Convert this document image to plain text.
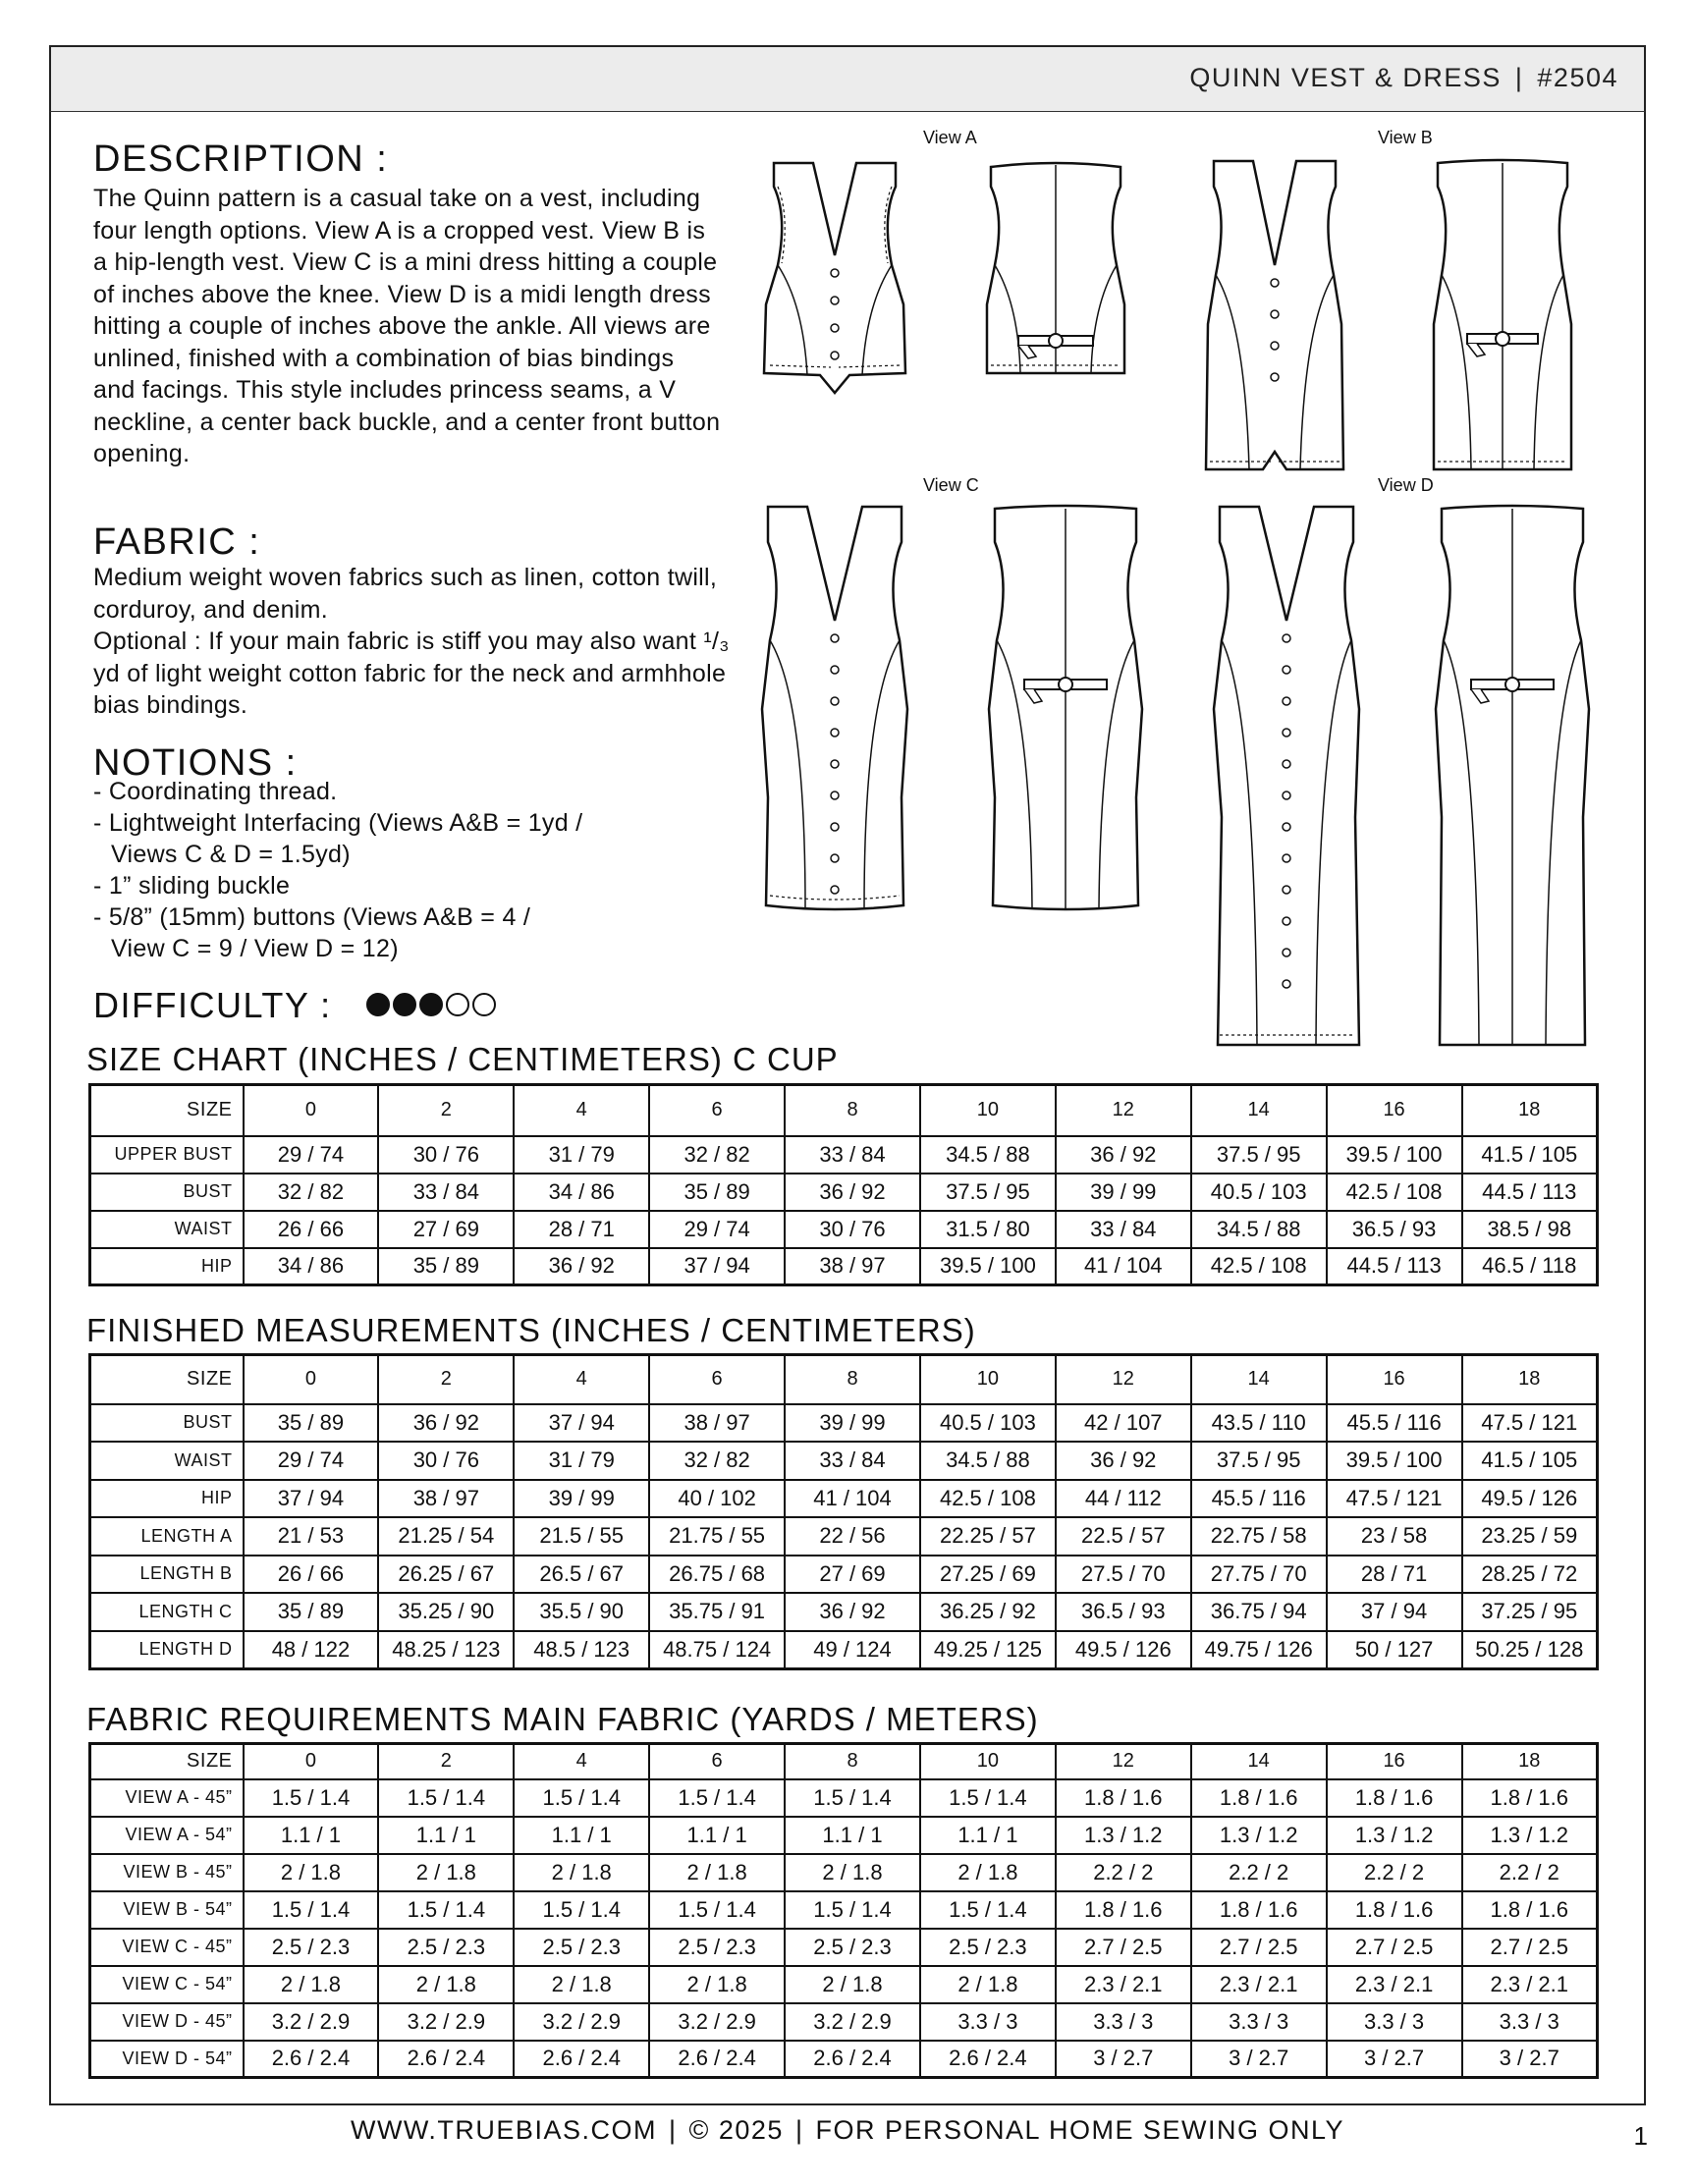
QUINN VEST & DRESS | #2504
DESCRIPTION :

The Quinn pattern is a casual take on a vest, including four length options. View A is a cropped vest. View B is a hip-length vest. View C is a mini dress hitting a couple of inches above the knee. View D is a midi length dress hitting a couple of inches above the ankle. All views are unlined, finished with a combination of bias bindings and facings. This style includes princess seams, a V neckline, a center back buckle, and a center front button opening.

FABRIC :

Medium weight woven fabrics such as linen, cotton twill, corduroy, and denim.

Optional : If your main fabric is stiff you may also want ¹/₃ yd of light weight cotton fabric for the neck and armhhole bias bindings.

NOTIONS :
- Coordinating thread.
- Lightweight Interfacing (Views A&B = 1yd /
Views C & D = 1.5yd)
- 1” sliding buckle
- 5/8” (15mm) buttons (Views A&B = 4 /
View C = 9 / View D = 12)
DIFFICULTY :
View A	View B
View C	View D
SIZE CHART (INCHES / CENTIMETERS) C CUP
SIZE	0	2	4	6	8	10	12	14	16	18
UPPER BUST	29 / 74	30 / 76	31 / 79	32 / 82	33 / 84	34.5 / 88	36 / 92	37.5 / 95	39.5 / 100	41.5 / 105
BUST	32 / 82	33 / 84	34 / 86	35 / 89	36 / 92	37.5 / 95	39 / 99	40.5 / 103	42.5 / 108	44.5 / 113
WAIST	26 / 66	27 / 69	28 / 71	29 / 74	30 / 76	31.5 / 80	33 / 84	34.5 / 88	36.5 / 93	38.5 / 98
HIP	34 / 86	35 / 89	36 / 92	37 / 94	38 / 97	39.5 / 100	41 / 104	42.5 / 108	44.5 / 113	46.5 / 118
FINISHED MEASUREMENTS (INCHES / CENTIMETERS)
SIZE	0	2	4	6	8	10	12	14	16	18
BUST	35 / 89	36 / 92	37 / 94	38 / 97	39 / 99	40.5 / 103	42 / 107	43.5 / 110	45.5 / 116	47.5 / 121
WAIST	29 / 74	30 / 76	31 / 79	32 / 82	33 / 84	34.5 / 88	36 / 92	37.5 / 95	39.5 / 100	41.5 / 105
HIP	37 / 94	38 / 97	39 / 99	40 / 102	41 / 104	42.5 / 108	44 / 112	45.5 / 116	47.5 / 121	49.5 / 126
LENGTH A	21 / 53	21.25 / 54	21.5 / 55	21.75 / 55	22 / 56	22.25 / 57	22.5 / 57	22.75 / 58	23 / 58	23.25 / 59
LENGTH B	26 / 66	26.25 / 67	26.5 / 67	26.75 / 68	27 / 69	27.25 / 69	27.5 / 70	27.75 / 70	28 / 71	28.25 / 72
LENGTH C	35 / 89	35.25 / 90	35.5 / 90	35.75 / 91	36 / 92	36.25 / 92	36.5 / 93	36.75 / 94	37 / 94	37.25 / 95
LENGTH D	48 / 122	48.25 / 123	48.5 / 123	48.75 / 124	49 / 124	49.25 / 125	49.5 / 126	49.75 / 126	50 / 127	50.25 / 128
FABRIC REQUIREMENTS MAIN FABRIC (YARDS / METERS)
SIZE	0	2	4	6	8	10	12	14	16	18
VIEW A - 45”	1.5 / 1.4	1.5 / 1.4	1.5 / 1.4	1.5 / 1.4	1.5 / 1.4	1.5 / 1.4	1.8 / 1.6	1.8 / 1.6	1.8 / 1.6	1.8 / 1.6
VIEW A - 54”	1.1 / 1	1.1 / 1	1.1 / 1	1.1 / 1	1.1 / 1	1.1 / 1	1.3 / 1.2	1.3 / 1.2	1.3 / 1.2	1.3 / 1.2
VIEW B - 45”	2 / 1.8	2 / 1.8	2 / 1.8	2 / 1.8	2 / 1.8	2 / 1.8	2.2 / 2	2.2 / 2	2.2 / 2	2.2 / 2
VIEW B - 54”	1.5 / 1.4	1.5 / 1.4	1.5 / 1.4	1.5 / 1.4	1.5 / 1.4	1.5 / 1.4	1.8 / 1.6	1.8 / 1.6	1.8 / 1.6	1.8 / 1.6
VIEW C - 45”	2.5 / 2.3	2.5 / 2.3	2.5 / 2.3	2.5 / 2.3	2.5 / 2.3	2.5 / 2.3	2.7 / 2.5	2.7 / 2.5	2.7 / 2.5	2.7 / 2.5
VIEW C - 54”	2 / 1.8	2 / 1.8	2 / 1.8	2 / 1.8	2 / 1.8	2 / 1.8	2.3 / 2.1	2.3 / 2.1	2.3 / 2.1	2.3 / 2.1
VIEW D - 45”	3.2 / 2.9	3.2 / 2.9	3.2 / 2.9	3.2 / 2.9	3.2 / 2.9	3.3 / 3	3.3 / 3	3.3 / 3	3.3 / 3	3.3 / 3
VIEW D - 54”	2.6 / 2.4	2.6 / 2.4	2.6 / 2.4	2.6 / 2.4	2.6 / 2.4	2.6 / 2.4	3 / 2.7	3 / 2.7	3 / 2.7	3 / 2.7
WWW.TRUEBIAS.COM | © 2025 | FOR PERSONAL HOME SEWING ONLY	1
